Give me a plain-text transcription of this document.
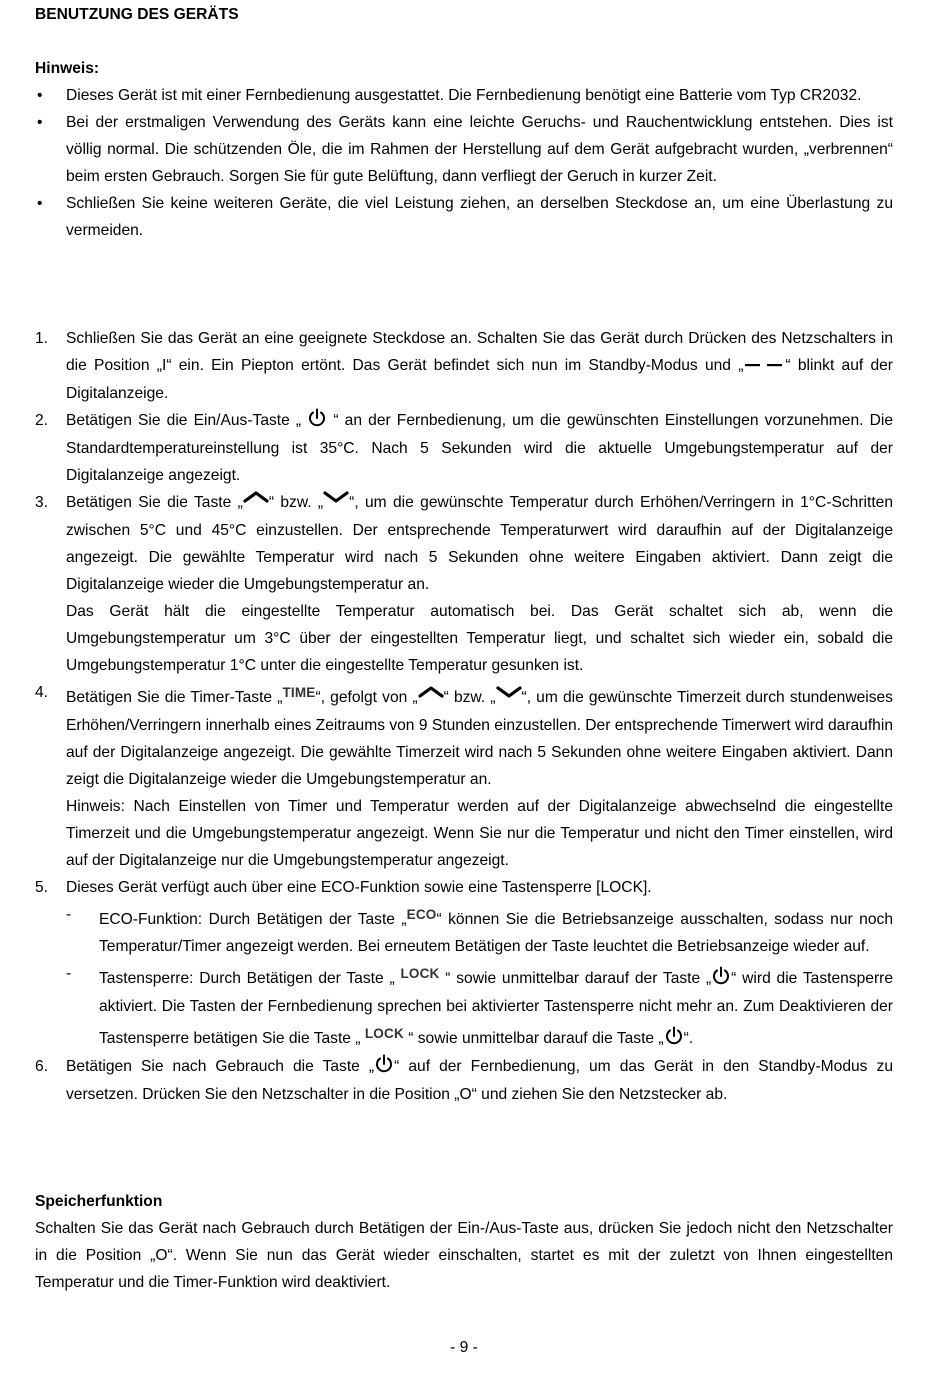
BENUTZUNG DES GERÄTS
Hinweis:
• Dieses Gerät ist mit einer Fernbedienung ausgestattet. Die Fernbedienung benötigt eine Batterie vom Typ CR2032.
• Bei der erstmaligen Verwendung des Geräts kann eine leichte Geruchs- und Rauchentwicklung entstehen. Dies ist völlig normal. Die schützenden Öle, die im Rahmen der Herstellung auf dem Gerät aufgebracht wurden, „verbrennen“ beim ersten Gebrauch. Sorgen Sie für gute Belüftung, dann verfliegt der Geruch in kurzer Zeit.
• Schließen Sie keine weiteren Geräte, die viel Leistung ziehen, an derselben Steckdose an, um eine Überlastung zu vermeiden.
1. Schließen Sie das Gerät an eine geeignete Steckdose an. Schalten Sie das Gerät durch Drücken des Netzschalters in die Position „I“ ein. Ein Piepton ertönt. Das Gerät befindet sich nun im Standby-Modus und „	“ blinkt auf der Digitalanzeige.
2. Betätigen Sie die Ein/Aus-Taste „  “ an der Fernbedienung, um die gewünschten Einstellungen vorzunehmen. Die Standardtemperatureinstellung ist 35°C. Nach 5 Sekunden wird die aktuelle Umgebungstemperatur auf der Digitalanzeige angezeigt.
3. Betätigen Sie die Taste „ “ bzw. „ “, um die gewünschte Temperatur durch Erhöhen/Verringern in 1°C-Schritten zwischen 5°C und 45°C einzustellen. Der entsprechende Temperaturwert wird daraufhin auf der Digitalanzeige angezeigt. Die gewählte Temperatur wird nach 5 Sekunden ohne weitere Eingaben aktiviert. Dann zeigt die Digitalanzeige wieder die Umgebungstemperatur an.
Das Gerät hält die eingestellte Temperatur automatisch bei. Das Gerät schaltet sich ab, wenn die Umgebungstemperatur um 3°C über der eingestellten Temperatur liegt, und schaltet sich wieder ein, sobald die Umgebungstemperatur 1°C unter die eingestellte Temperatur gesunken ist.
4. Betätigen Sie die Timer-Taste „TIME“, gefolgt von „ “ bzw. „ “, um die gewünschte Timerzeit durch stundenweises Erhöhen/Verringern innerhalb eines Zeitraums von 9 Stunden einzustellen. Der entsprechende Timerwert wird daraufhin auf der Digitalanzeige angezeigt. Die gewählte Timerzeit wird nach 5 Sekunden ohne weitere Eingaben aktiviert. Dann zeigt die Digitalanzeige wieder die Umgebungstemperatur an.
Hinweis: Nach Einstellen von Timer und Temperatur werden auf der Digitalanzeige abwechselnd die eingestellte Timerzeit und die Umgebungstemperatur angezeigt. Wenn Sie nur die Temperatur und nicht den Timer einstellen, wird auf der Digitalanzeige nur die Umgebungstemperatur angezeigt.
5. Dieses Gerät verfügt auch über eine ECO-Funktion sowie eine Tastensperre [LOCK].
- ECO-Funktion: Durch Betätigen der Taste „ECO“ können Sie die Betriebsanzeige ausschalten, sodass nur noch Temperatur/Timer angezeigt werden. Bei erneutem Betätigen der Taste leuchtet die Betriebsanzeige wieder auf.
- Tastensperre: Durch Betätigen der Taste „ LOCK “ sowie unmittelbar darauf der Taste „ “ wird die Tastensperre aktiviert. Die Tasten der Fernbedienung sprechen bei aktivierter Tastensperre nicht mehr an. Zum Deaktivieren der Tastensperre betätigen Sie die Taste „ LOCK “ sowie unmittelbar darauf die Taste „ “.
6. Betätigen Sie nach Gebrauch die Taste „ “ auf der Fernbedienung, um das Gerät in den Standby-Modus zu versetzen. Drücken Sie den Netzschalter in die Position „O“ und ziehen Sie den Netzstecker ab.
Speicherfunktion
Schalten Sie das Gerät nach Gebrauch durch Betätigen der Ein-/Aus-Taste aus, drücken Sie jedoch nicht den Netzschalter in die Position „O“. Wenn Sie nun das Gerät wieder einschalten, startet es mit der zuletzt von Ihnen eingestellten Temperatur und die Timer-Funktion wird deaktiviert.
- 9 -
